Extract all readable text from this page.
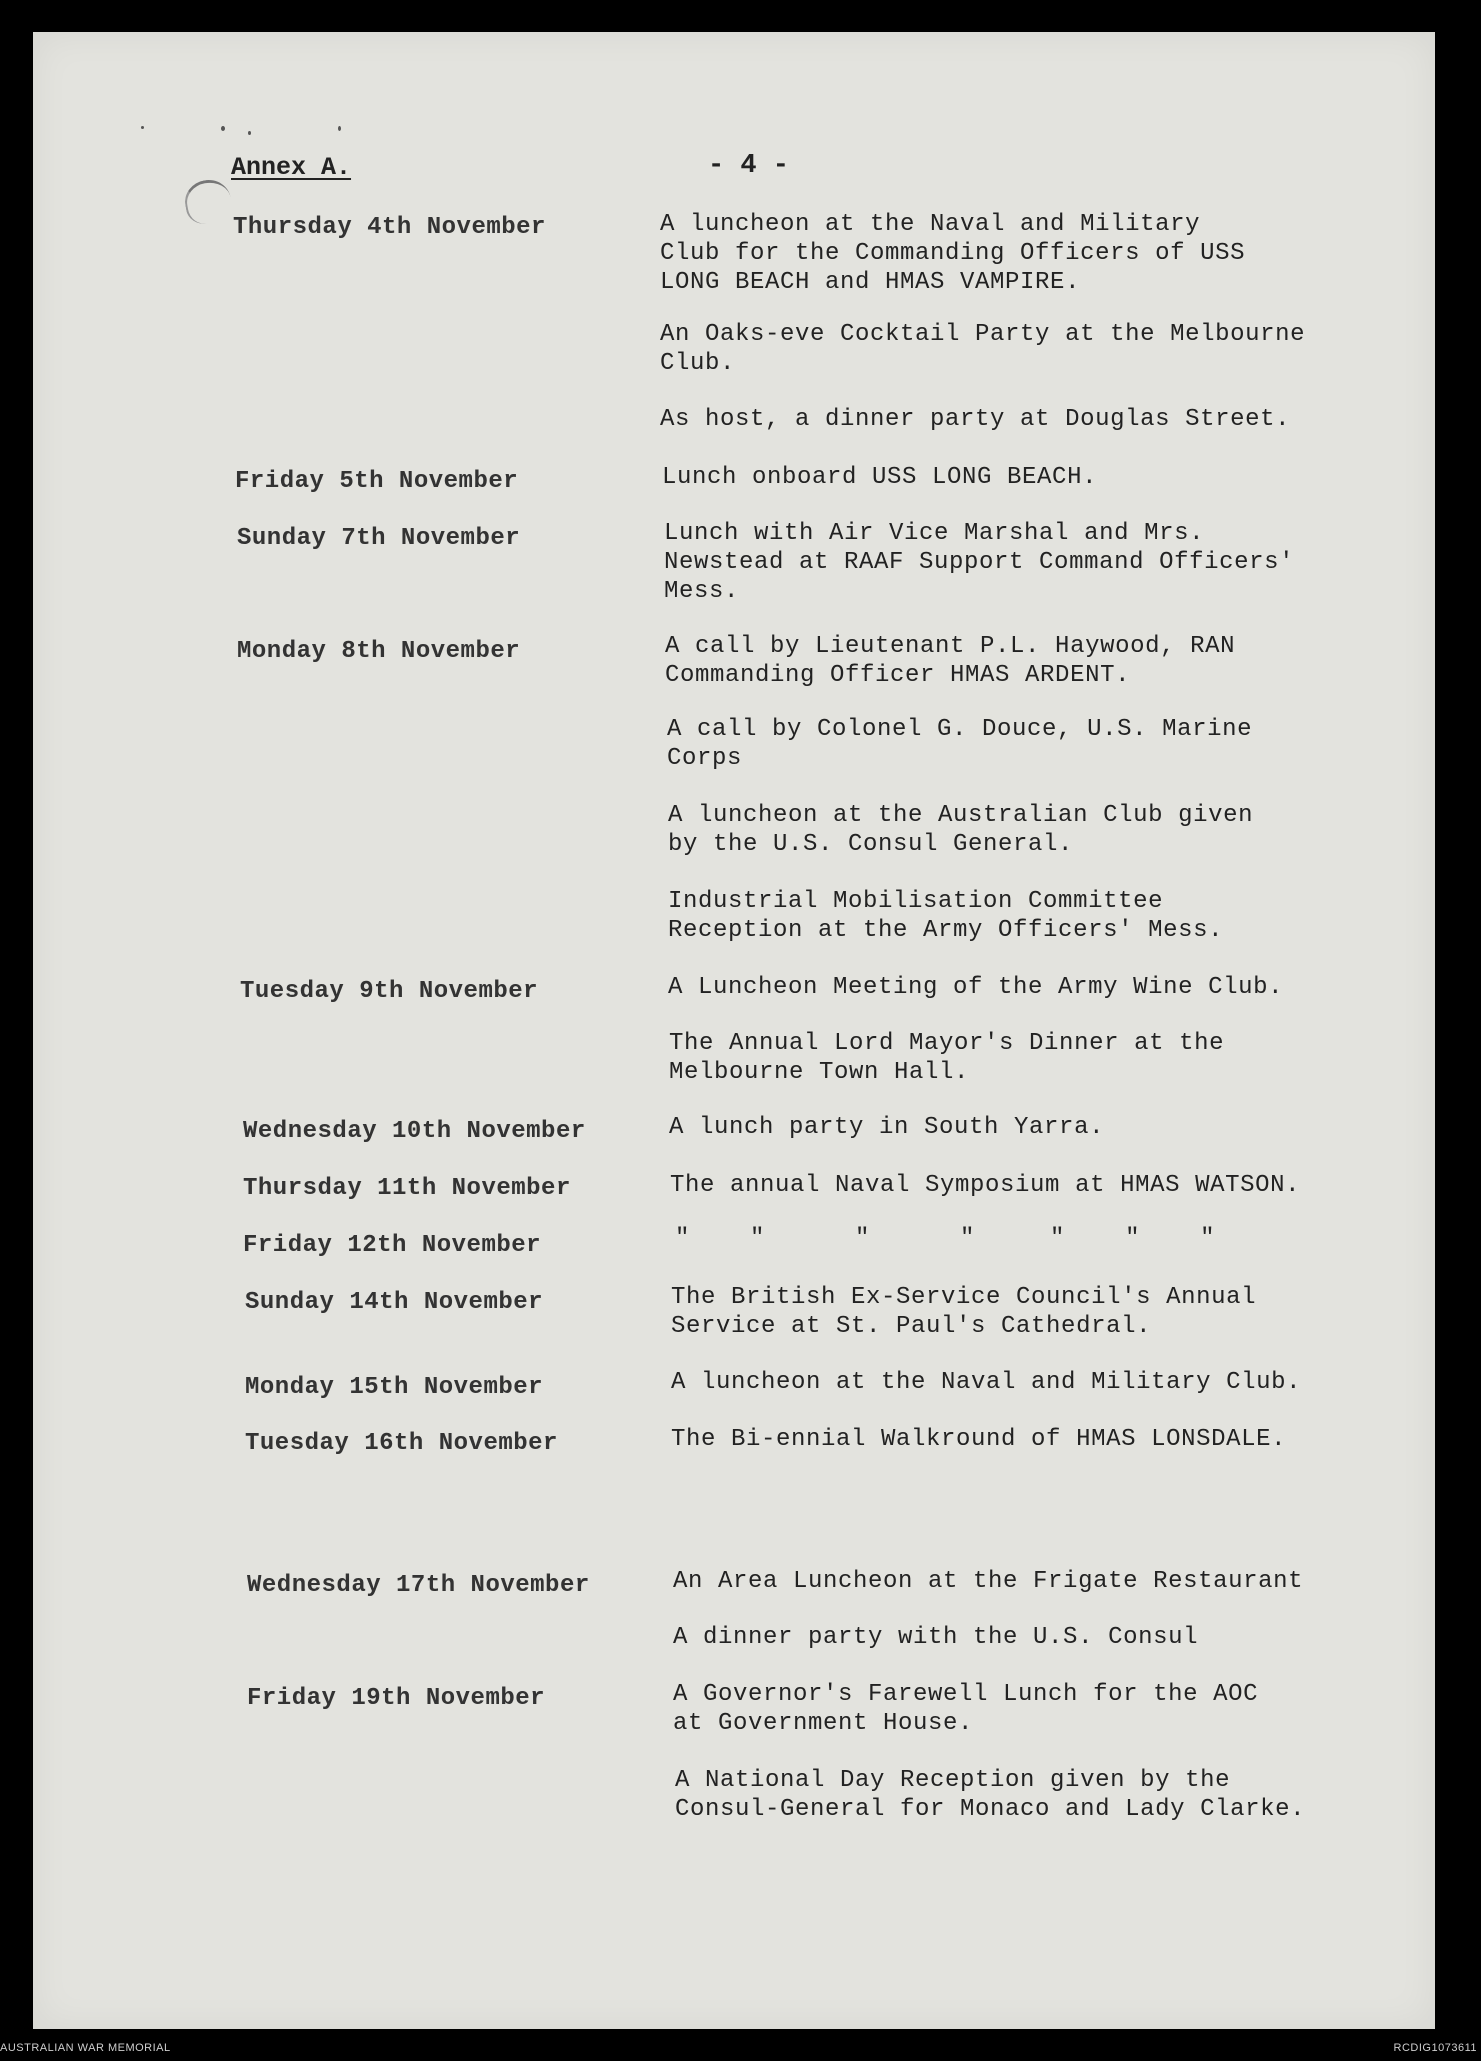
Annex A.	- 4 -
Thursday 4th November	A luncheon at the Naval and Military
Club for the Commanding Officers of USS
LONG BEACH and HMAS VAMPIRE.
An Oaks-eve Cocktail Party at the Melbourne
Club.
As host, a dinner party at Douglas Street.
Friday 5th November	Lunch onboard USS LONG BEACH.
Sunday 7th November	Lunch with Air Vice Marshal and Mrs.
Newstead at RAAF Support Command Officers'
Mess.
Monday 8th November	A call by Lieutenant P.L. Haywood, RAN
Commanding Officer HMAS ARDENT.
A call by Colonel G. Douce, U.S. Marine
Corps
A luncheon at the Australian Club given
by the U.S. Consul General.
Industrial Mobilisation Committee
Reception at the Army Officers' Mess.
Tuesday 9th November	A Luncheon Meeting of the Army Wine Club.
The Annual Lord Mayor's Dinner at the
Melbourne Town Hall.
Wednesday 10th November	A lunch party in South Yarra.
Thursday 11th November	The annual Naval Symposium at HMAS WATSON.
Friday 12th November	"    "      "      "     "    "    "
Sunday 14th November	The British Ex-Service Council's Annual
Service at St. Paul's Cathedral.
Monday 15th November	A luncheon at the Naval and Military Club.
Tuesday 16th November	The Bi-ennial Walkround of HMAS LONSDALE.
Wednesday 17th November	An Area Luncheon at the Frigate Restaurant
A dinner party with the U.S. Consul
Friday 19th November	A Governor's Farewell Lunch for the AOC
at Government House.
A National Day Reception given by the
Consul-General for Monaco and Lady Clarke.
AUSTRALIAN WAR MEMORIAL	RCDIG1073611
